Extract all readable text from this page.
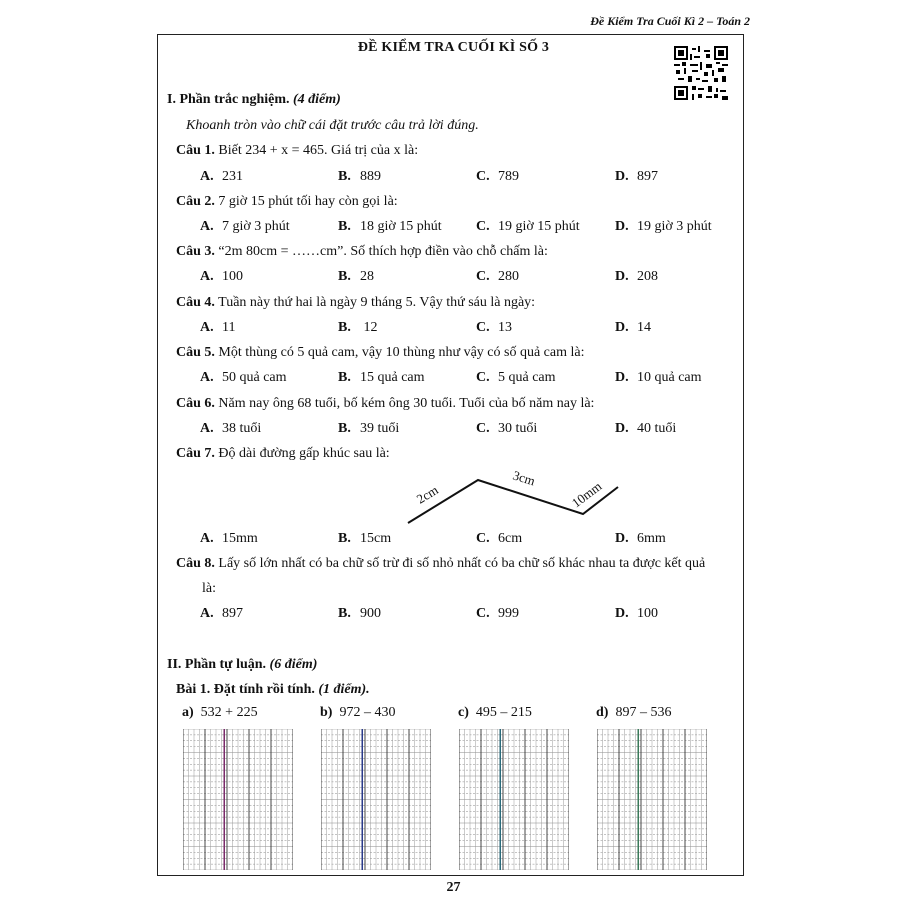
Đề Kiểm Tra Cuối Kì 2 – Toán 2
ĐỀ KIỂM TRA CUỐI KÌ SỐ 3
I. Phần trắc nghiệm. (4 điểm)
Khoanh tròn vào chữ cái đặt trước câu trả lời đúng.
Câu 1. Biết 234 + x = 465. Giá trị của x là:
A. 231	B. 889	C. 789	D. 897
Câu 2. 7 giờ 15 phút tối hay còn gọi là:
A. 7 giờ 3 phút	B. 18 giờ 15 phút C. 19 giờ 15 phút	D. 19 giờ 3 phút
Câu 3. “2m 80cm = ……cm”. Số thích hợp điền vào chỗ chấm là:
A. 100	B. 28	C. 280	D. 208
Câu 4. Tuần này thứ hai là ngày 9 tháng 5. Vậy thứ sáu là ngày:
A. 11	B. 12	C. 13	D. 14
Câu 5. Một thùng có 5 quả cam, vậy 10 thùng như vậy có số quả cam là:
A. 50 quả cam	B. 15 quả cam	C. 5 quả cam	D. 10 quả cam
Câu 6. Năm nay ông 68 tuổi, bố kém ông 30 tuổi. Tuổi của bố năm nay là:
A. 38 tuổi	B. 39 tuổi	C. 30 tuổi	D. 40 tuổi
Câu 7. Độ dài đường gấp khúc sau là:
2cm
3cm
10mm
A. 15mm	B. 15cm	C. 6cm	D. 6mm
Câu 8. Lấy số lớn nhất có ba chữ số trừ đi số nhỏ nhất có ba chữ số khác nhau ta được kết quả
là:
A. 897	B. 900	C. 999	D. 100
II. Phần tự luận. (6 điểm)
Bài 1. Đặt tính rồi tính. (1 điểm).
a) 532 + 225	b) 972 – 430	c) 495 – 215	d) 897 – 536
27
